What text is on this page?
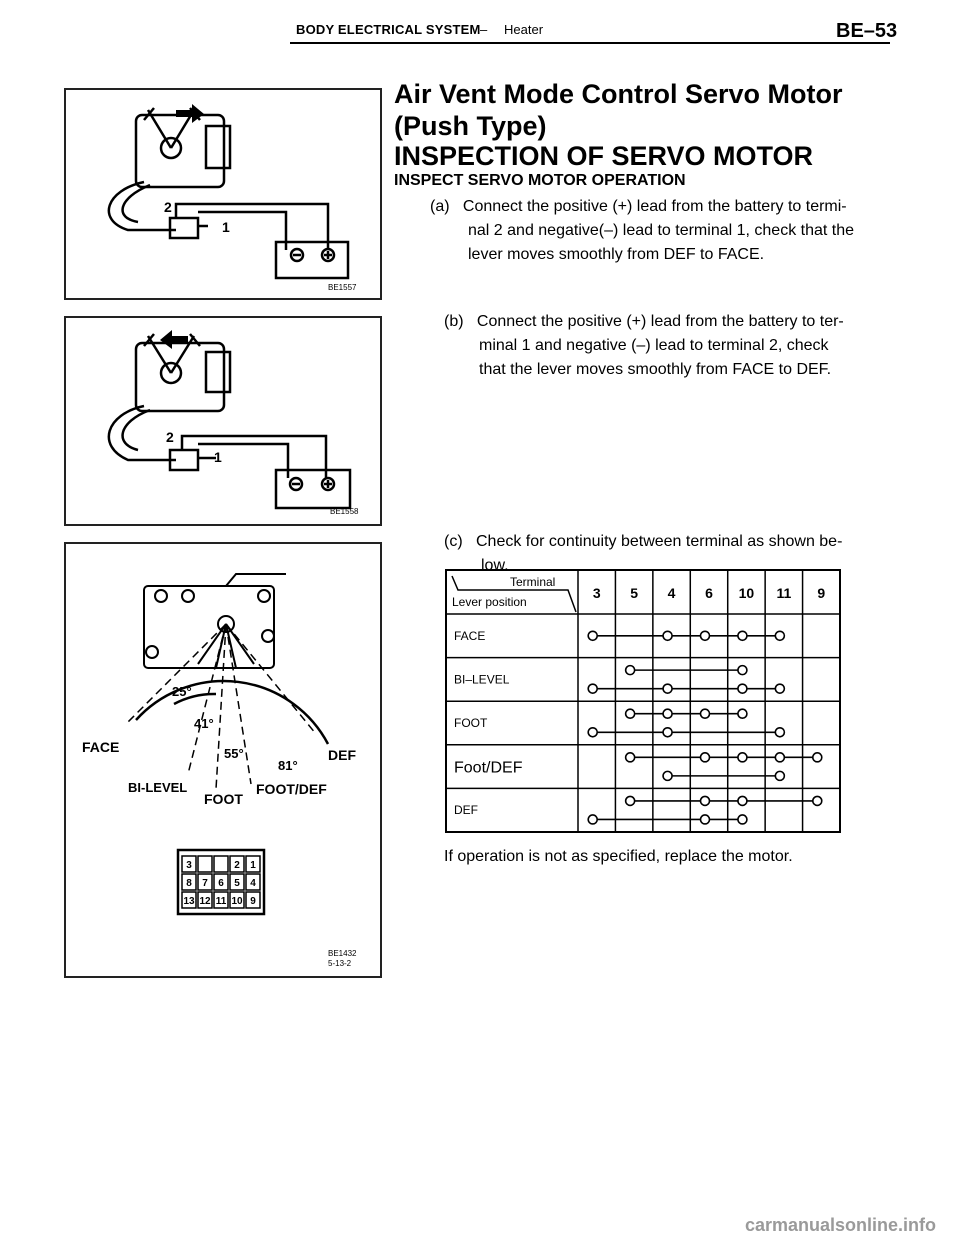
BODY ELECTRICAL SYSTEM – Heater	BE–53
Air Vent Mode Control Servo Motor
(Push Type)
INSPECTION OF SERVO MOTOR
INSPECT SERVO MOTOR OPERATION
(a) Connect the positive (+) lead from the battery to termi-
nal 2 and negative(–) lead to terminal 1, check that the
lever moves smoothly from DEF to FACE.
(b) Connect the positive (+) lead from the battery to ter-
minal 1 and negative (–) lead to terminal 2, check
that the lever moves smoothly from FACE to DEF.
(c) Check for continuity between terminal as shown be-
low.
2
1
BE1557
2
1
BE1558
FACE
BI-LEVEL
FOOT
FOOT/DEF
DEF
25°
41°
55°
81°
3	2 1
8 7 6 5 4
13 12 11 10 9
BE1432
5-13-2
Terminal
Lever position
3 5 4 6 10 11 9
FACE
BI–LEVEL
FOOT
Foot/DEF
DEF
If operation is not as specified, replace the motor.
carmanualsonline.info
